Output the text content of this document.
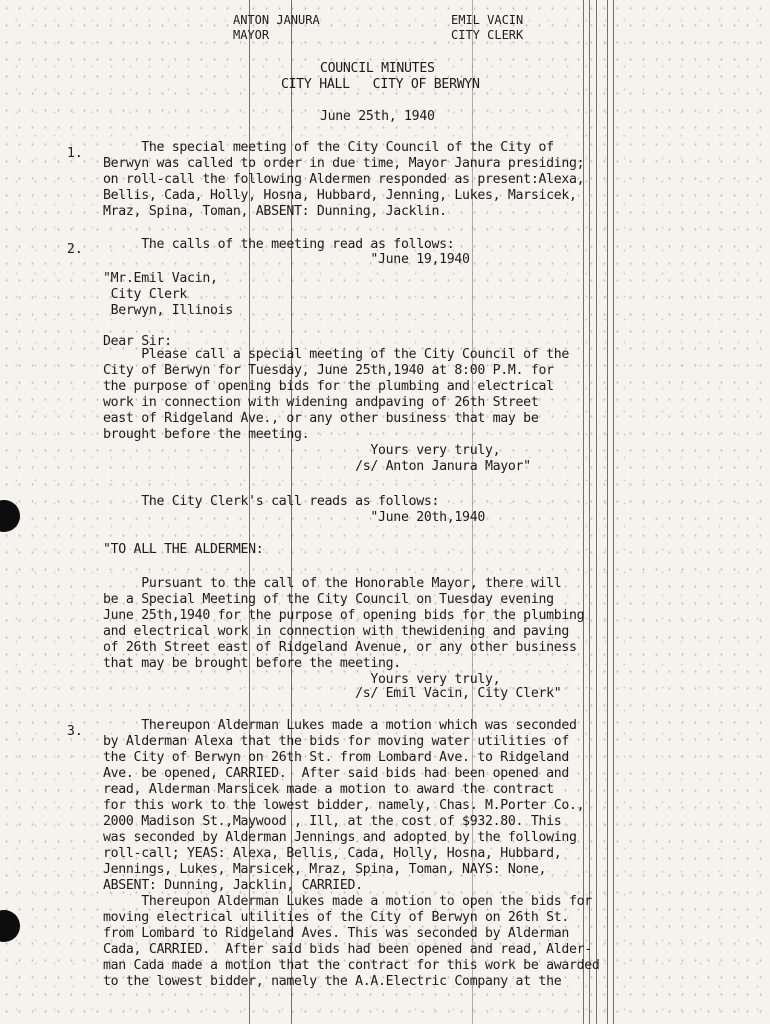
ANTON JANURA
MAYOR
EMIL VACIN
CITY CLERK
COUNCIL MINUTES
CITY HALL   CITY OF BERWYN
June 25th, 1940
1. The special meeting of the City Council of the City of
Berwyn was called to order in due time, Mayor Janura presiding;
on roll-call the following Aldermen responded as present:Alexa,
Bellis, Cada, Holly, Hosna, Hubbard, Jenning, Lukes, Marsicek,
Mraz, Spina, Toman, ABSENT: Dunning, Jacklin.
2. The calls of the meeting read as follows:
"June 19,1940
"Mr.Emil Vacin,
City Clerk
Berwyn, Illinois
Dear Sir:
Please call a special meeting of the City Council of the
City of Berwyn for Tuesday, June 25th,1940 at 8:00 P.M. for
the purpose of opening bids for the plumbing and electrical
work in connection with widening andpaving of 26th Street
east of Ridgeland Ave., or any other business that may be
brought before the meeting.
Yours very truly,
/s/ Anton Janura Mayor"
The City Clerk's call reads as follows:
"June 20th,1940
"TO ALL THE ALDERMEN:
Pursuant to the call of the Honorable Mayor, there will
be a Special Meeting of the City Council on Tuesday evening
June 25th,1940 for the purpose of opening bids for the plumbing
and electrical work in connection with thewidening and paving
of 26th Street east of Ridgeland Avenue, or any other business
that may be brought before the meeting.
Yours very truly,
/s/ Emil Vacin, City Clerk"
3. Thereupon Alderman Lukes made a motion which was seconded
by Alderman Alexa that the bids for moving water utilities of
the City of Berwyn on 26th St. from Lombard Ave. to Ridgeland
Ave. be opened, CARRIED.  After said bids had been opened and
read, Alderman Marsicek made a motion to award the contract
for this work to the lowest bidder, namely, Chas. M.Porter Co.,
2000 Madison St.,Maywood , Ill, at the cost of $932.80. This
was seconded by Alderman Jennings and adopted by the following
roll-call; YEAS: Alexa, Bellis, Cada, Holly, Hosna, Hubbard,
Jennings, Lukes, Marsicek, Mraz, Spina, Toman, NAYS: None,
ABSENT: Dunning, Jacklin, CARRIED.
Thereupon Alderman Lukes made a motion to open the bids for
moving electrical utilities of the City of Berwyn on 26th St.
from Lombard to Ridgeland Aves. This was seconded by Alderman
Cada, CARRIED.  After said bids had been opened and read, Alder-
man Cada made a motion that the contract for this work be awarded
to the lowest bidder, namely the A.A.Electric Company at the
